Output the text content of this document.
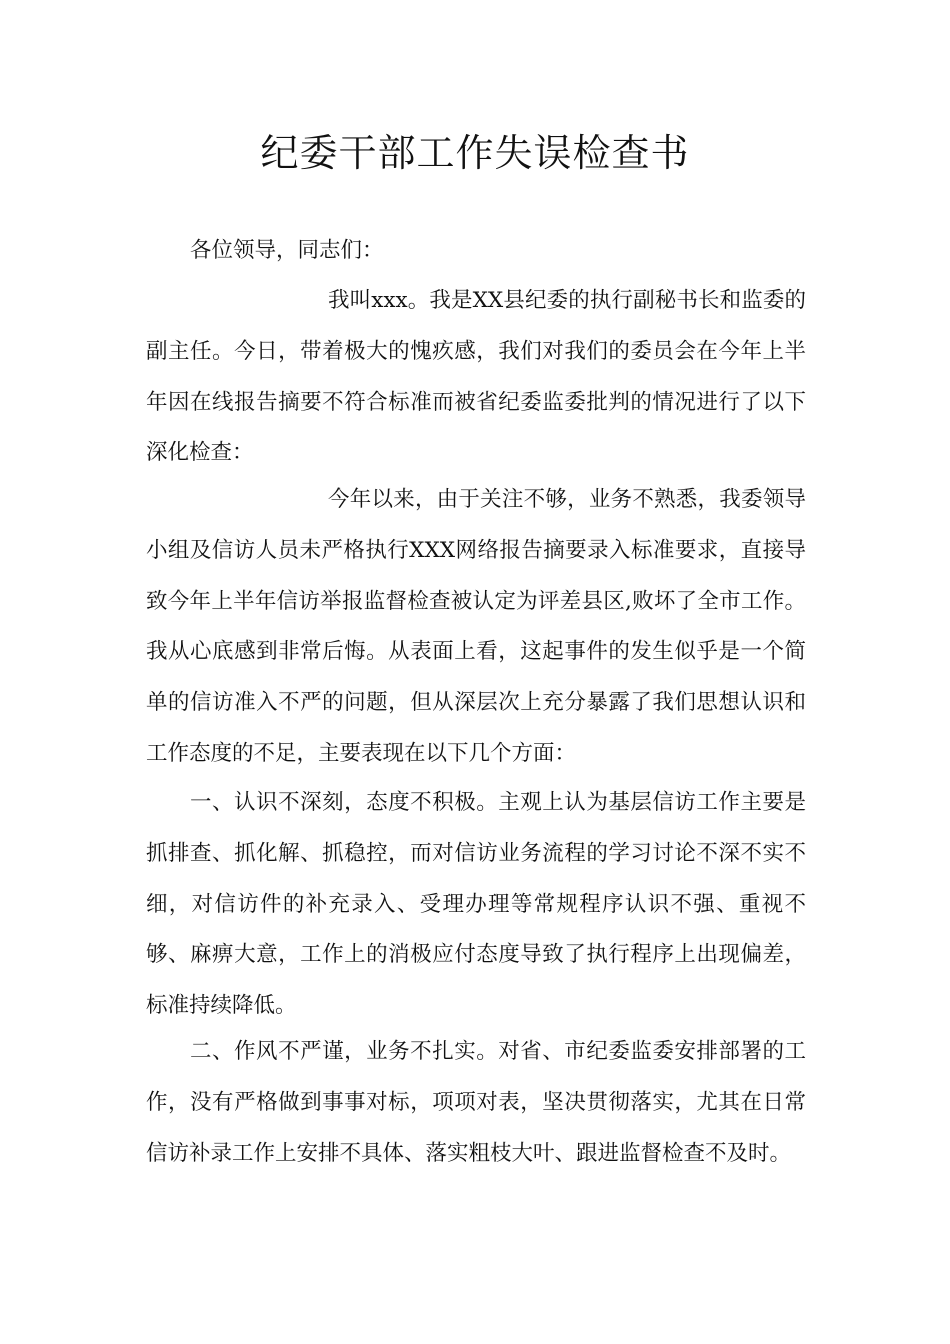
纪委干部工作失误检查书
各位领导，同志们：

我叫xxx。我是XX县纪委的执行副秘书长和监委的副主任。今日，带着极大的愧疚感，我们对我们的委员会在今年上半年因在线报告摘要不符合标准而被省纪委监委批判的情况进行了以下深化检查：

今年以来，由于关注不够，业务不熟悉，我委领导小组及信访人员未严格执行XXX网络报告摘要录入标准要求，直接导致今年上半年信访举报监督检查被认定为评差县区,败坏了全市工作。我从心底感到非常后悔。从表面上看，这起事件的发生似乎是一个简单的信访准入不严的问题，但从深层次上充分暴露了我们思想认识和工作态度的不足，主要表现在以下几个方面：

一、认识不深刻，态度不积极。主观上认为基层信访工作主要是抓排查、抓化解、抓稳控，而对信访业务流程的学习讨论不深不实不细，对信访件的补充录入、受理办理等常规程序认识不强、重视不够、麻痹大意，工作上的消极应付态度导致了执行程序上出现偏差，标准持续降低。

二、作风不严谨，业务不扎实。对省、市纪委监委安排部署的工作，没有严格做到事事对标，项项对表，坚决贯彻落实，尤其在日常信访补录工作上安排不具体、落实粗枝大叶、跟进监督检查不及时。
